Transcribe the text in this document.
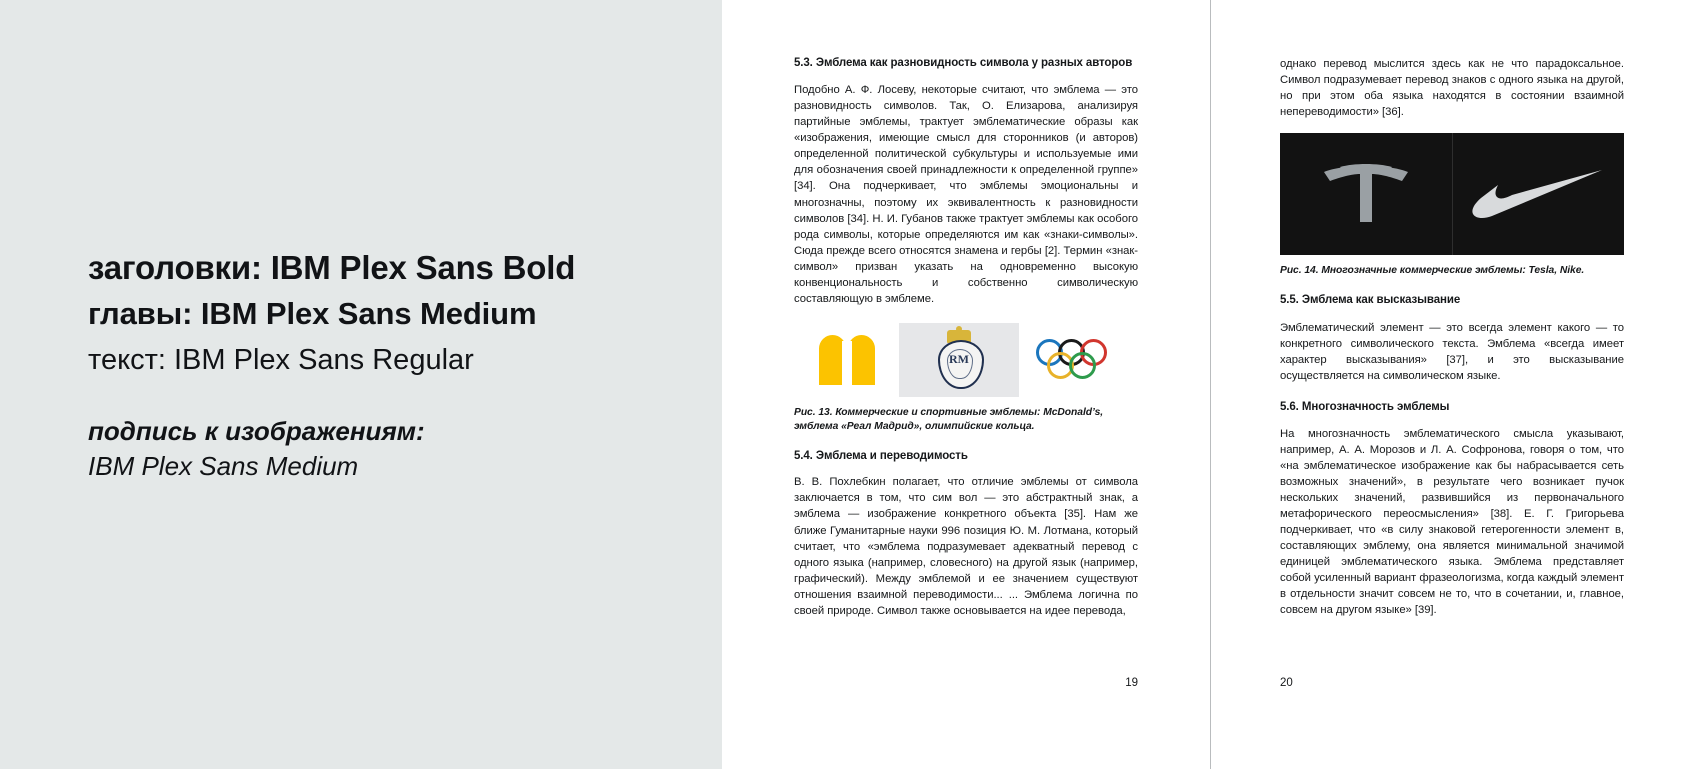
заголовки: IBM Plex Sans Bold
главы: IBM Plex Sans Medium
текст: IBM Plex Sans Regular
подпись к изображениям:
IBM Plex Sans Medium
5.3. Эмблема как разновидность символа у разных авторов

Подобно А. Ф. Лосеву, некоторые считают, что эмблема — это разновидность символов. Так, О. Елизарова, анализируя партийные эмблемы, трактует эмблематические образы как «изображения, имеющие смысл для сторонников (и авторов) определенной политической субкультуры и используемые ими для обозначения своей принадлежности к определенной группе» [34]. Она подчеркивает, что эмблемы эмоциональны и многозначны, поэтому их эквивалентность к разновидности символов [34]. Н. И. Губанов также трактует эмблемы как особого рода символы, которые определяются им как «знаки-символы». Сюда прежде всего относятся знамена и гербы [2]. Термин «знак-символ» призван указать на одновременно высокую конвенциональность и собственно символическую составляющую в эмблеме.

RM
Рис. 13. Коммерческие и спортивные эмблемы: McDonald’s, эмблема «Реал Мадрид», олимпийские кольца.
5.4. Эмблема и переводимость

В. В. Похлебкин полагает, что отличие эмблемы от символа заключается в том, что сим вол — это абстрактный знак, а эмблема — изображение конкретного объекта [35]. Нам же ближе Гуманитарные науки 996 позиция Ю. М. Лотмана, который считает, что «эмблема подразумевает адекватный перевод с одного языка (например, словесного) на другой язык (например, графический). Между эмблемой и ее значением существуют отношения взаимной переводимости... ... Эмблема логична по своей природе. Символ также основывается на идее перевода,

19

однако перевод мыслится здесь как не что парадоксальное. Символ подразумевает перевод знаков с одного языка на другой, но при этом оба языка находятся в состоянии взаимной непереводимости» [36].

Рис. 14. Многозначные коммерческие эмблемы: Tesla, Nike.
5.5. Эмблема как высказывание

Эмблематический элемент — это всегда элемент какого — то конкретного символического текста. Эмблема «всегда имеет характер высказывания» [37], и это высказывание осуществляется на символическом языке.

5.6. Многозначность эмблемы

На многозначность эмблематического смысла указывают, например, А. А. Морозов и Л. А. Софронова, говоря о том, что «на эмблематическое изображение как бы набрасывается сеть возможных значений», в результате чего возникает пучок нескольких значений, развившийся из первоначального метафорического переосмысления» [38]. Е. Г. Григорьева подчеркивает, что «в силу знаковой гетерогенности элемент в, составляющих эмблему, она является минимальной значимой единицей эмблематического языка. Эмблема представляет собой усиленный вариант фразеологизма, когда каждый элемент в отдельности значит совсем не то, что в сочетании, и, главное, совсем на другом языке» [39].

20
